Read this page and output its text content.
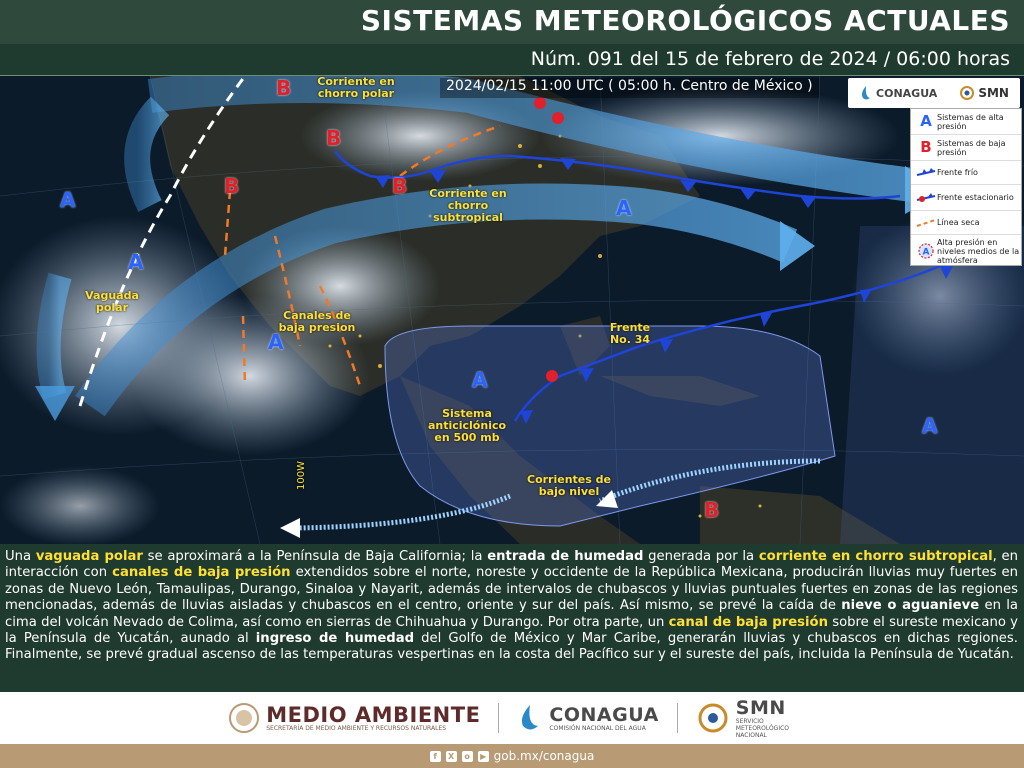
SISTEMAS METEOROLÓGICOS ACTUALES
Núm. 091 del 15 de febrero de 2024 / 06:00 horas
Corriente en chorro polar
Corriente en chorro subtropical
Vaguada polar
Canales de baja presion	Frente No. 34
Sistema anticiclónico en 500 mb
Corrientes de bajo nivel
100W
A
A
A
A
A
A
B
B
B	B
B
2024/02/15 11:00 UTC ( 05:00 h. Centro de México )	CONAGUA	SMN
A Sistemas de alta presión
B Sistemas de baja presión
Frente frío
Frente estacionario
Línea seca
A
Alta presión en niveles medios de la atmósfera
Una vaguada polar se aproximará a la Península de Baja California; la entrada de humedad generada por la corriente en chorro subtropical, en interacción con canales de baja presión extendidos sobre el norte, noreste y occidente de la República Mexicana, producirán lluvias muy fuertes en zonas de Nuevo León, Tamaulipas, Durango, Sinaloa y Nayarit, además de intervalos de chubascos y lluvias puntuales fuertes en zonas de las regiones mencionadas, además de lluvias aisladas y chubascos en el centro, oriente y sur del país. Así mismo, se prevé la caída de nieve o aguanieve en la cima del volcán Nevado de Colima, así como en sierras de Chihuahua y Durango. Por otra parte, un canal de baja presión sobre el sureste mexicano y la Península de Yucatán, aunado al ingreso de humedad del Golfo de México y Mar Caribe, generarán lluvias y chubascos en dichas regiones. Finalmente, se prevé gradual ascenso de las temperaturas vespertinas en la costa del Pacífico sur y el sureste del país, incluida la Península de Yucatán.
MEDIO AMBIENTE
SECRETARÍA DE MEDIO AMBIENTE Y RECURSOS NATURALES
CONAGUA
COMISIÓN NACIONAL DEL AGUA
SMN
SERVICIO METEOROLÓGICO NACIONAL
f	X	o	▶ gob.mx/conagua
